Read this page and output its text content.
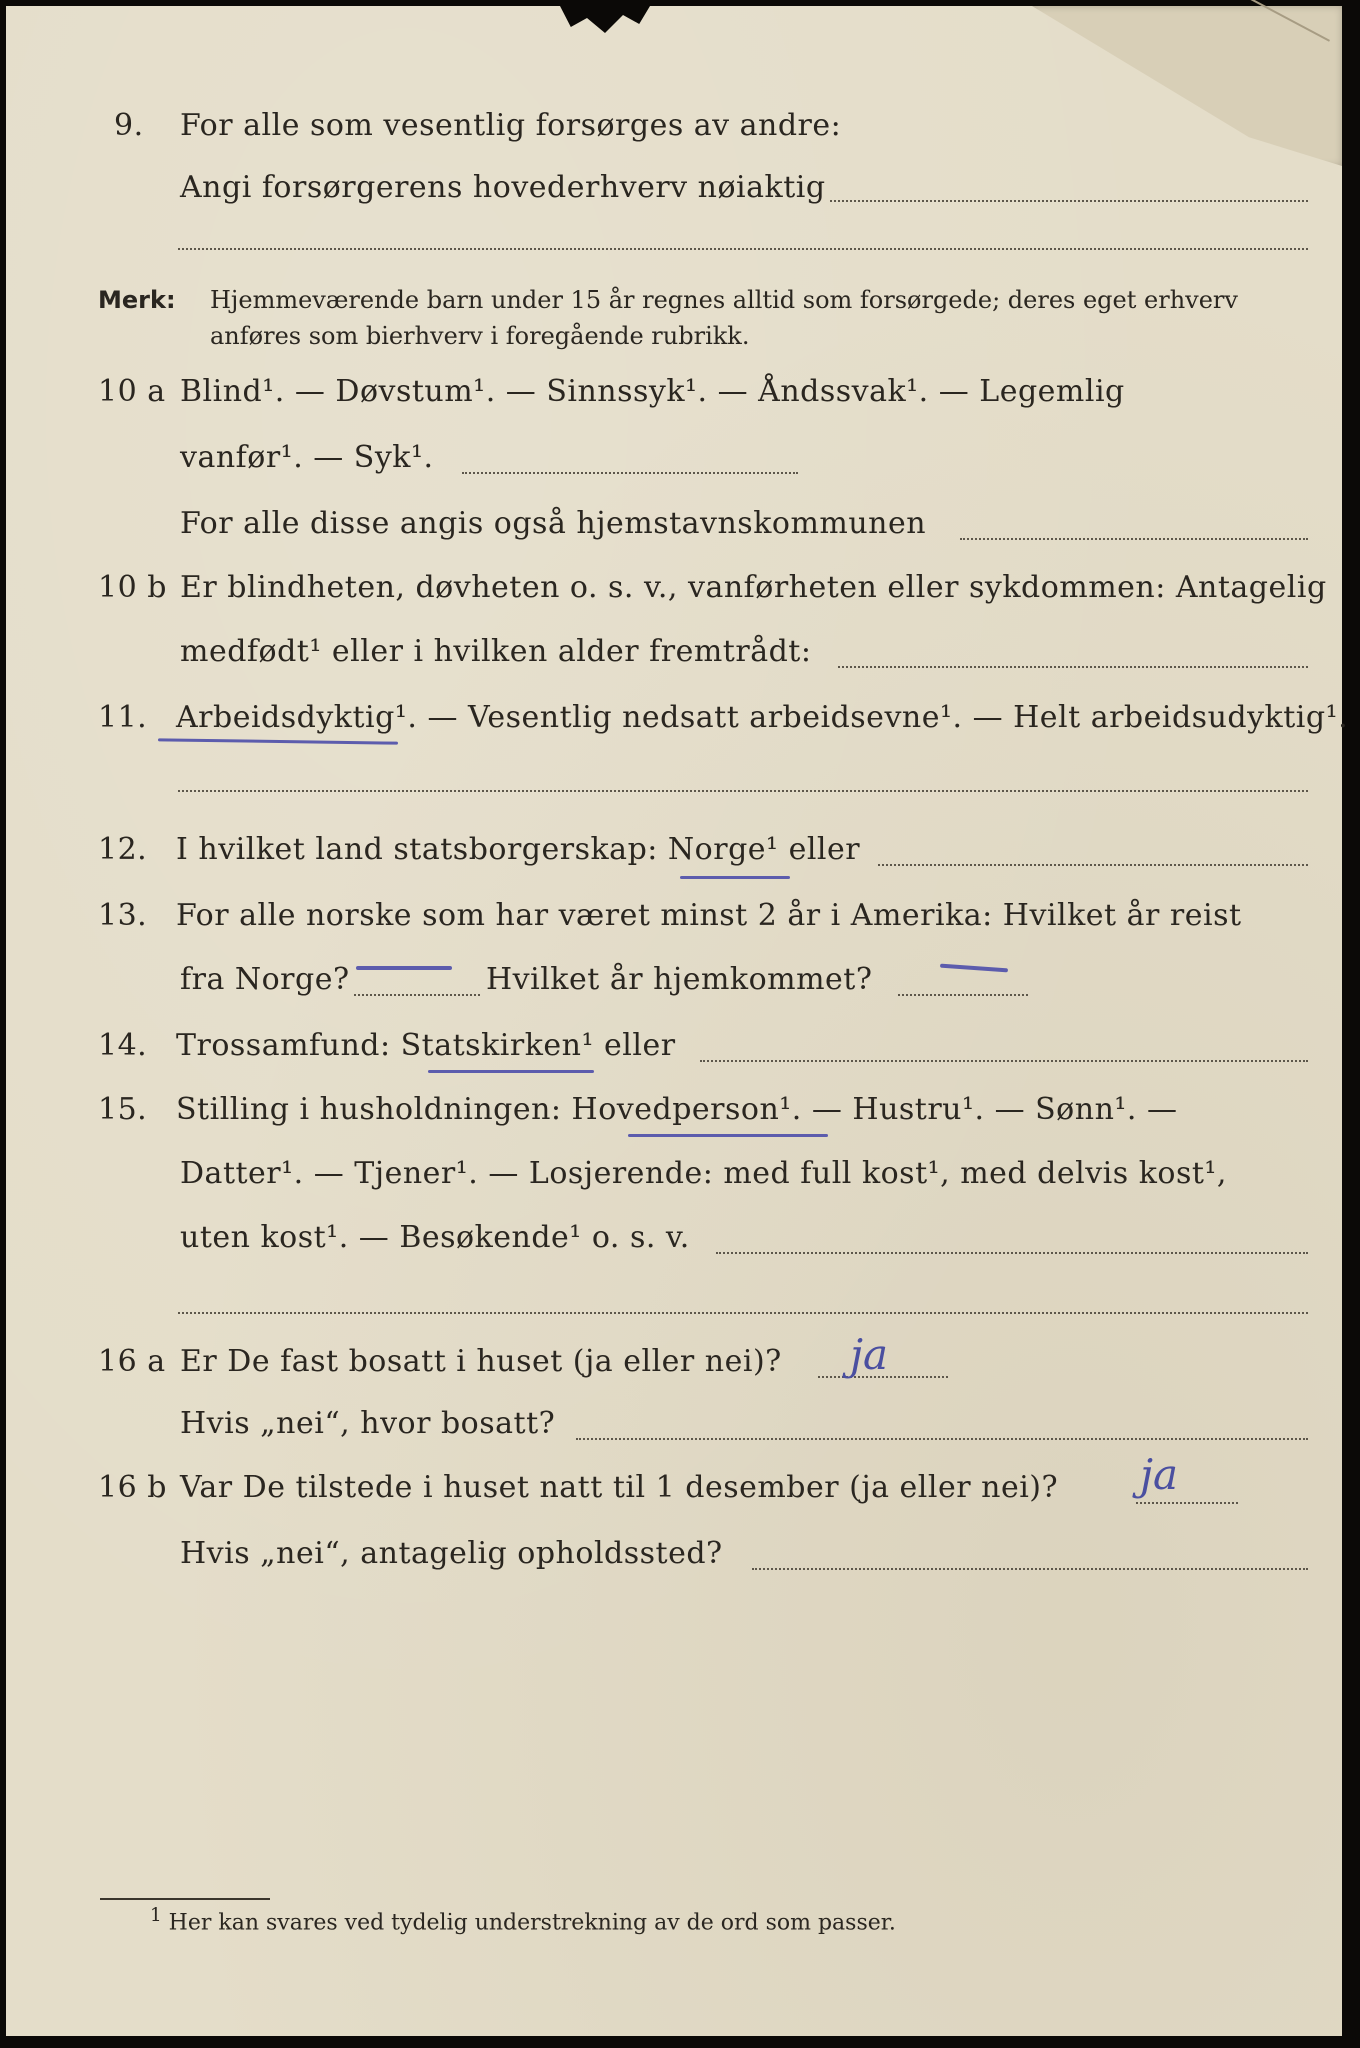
9.	For alle som vesentlig forsørges av andre:
Angi forsørgerens hovederhverv nøiaktig
Merk: Hjemmeværende barn under 15 år regnes alltid som forsørgede; deres eget erhverv
anføres som bierhverv i foregående rubrikk.
10 a Blind¹. — Døvstum¹. — Sinnssyk¹. — Åndssvak¹. — Legemlig
vanfør¹. — Syk¹.
For alle disse angis også hjemstavnskommunen
10 b Er blindheten, døvheten o. s. v., vanførheten eller sykdommen: Antagelig
medfødt¹ eller i hvilken alder fremtrådt:
11. Arbeidsdyktig¹. — Vesentlig nedsatt arbeidsevne¹. — Helt arbeidsudyktig¹.
12. I hvilket land statsborgerskap: Norge¹ eller
13. For alle norske som har været minst 2 år i Amerika: Hvilket år reist
fra Norge?	Hvilket år hjemkommet?
14. Trossamfund: Statskirken¹ eller
15. Stilling i husholdningen: Hovedperson¹. — Hustru¹. — Sønn¹. —
Datter¹. — Tjener¹. — Losjerende: med full kost¹, med delvis kost¹,
uten kost¹. — Besøkende¹ o. s. v.
16 a Er De fast bosatt i huset (ja eller nei)? ja
Hvis „nei“, hvor bosatt?
16 b Var De tilstede i huset natt til 1 desember (ja eller nei)? ja
Hvis „nei“, antagelig opholdssted?
$^1$ Her kan svares ved tydelig understrekning av de ord som passer.
